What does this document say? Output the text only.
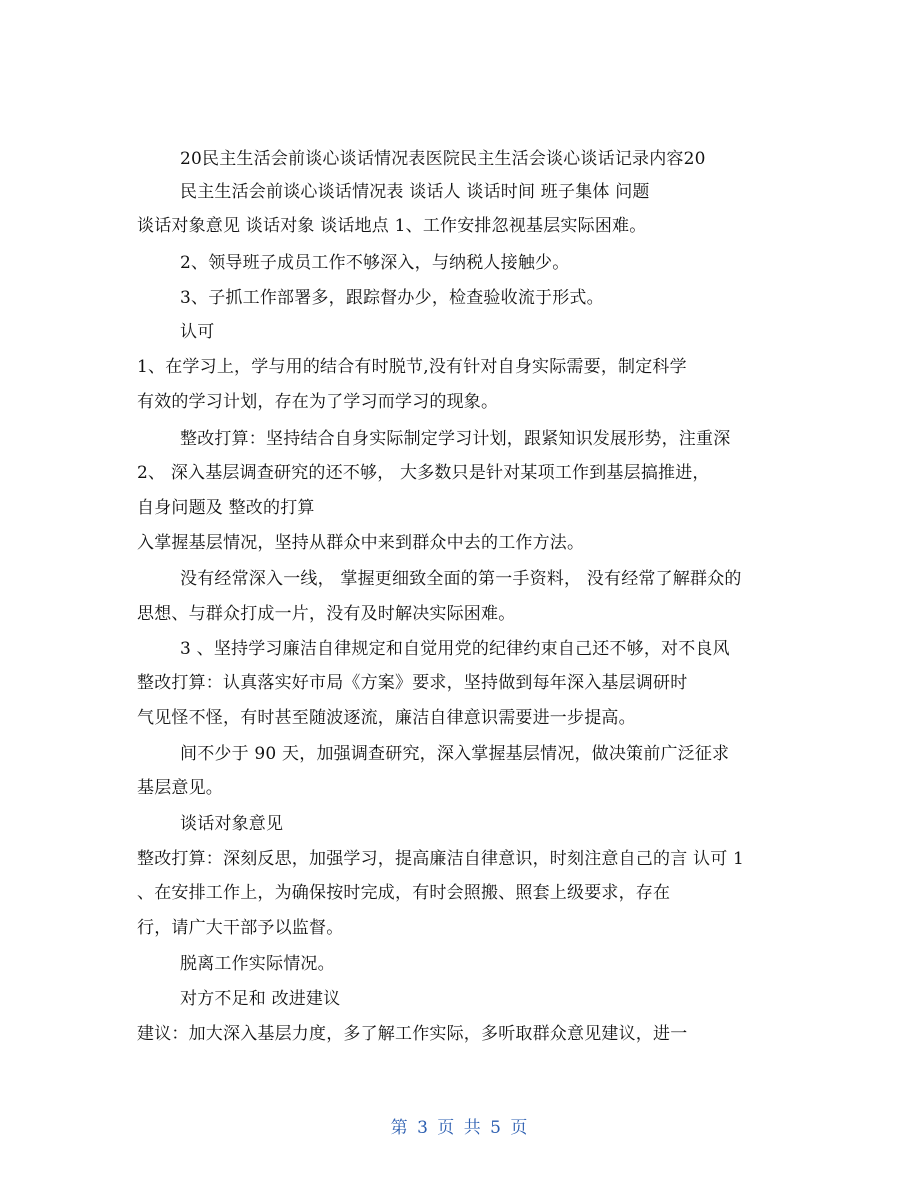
20民主生活会前谈心谈话情况表医院民主生活会谈心谈话记录内容20
民主生活会前谈心谈话情况表 谈话人 谈话时间 班子集体 问题
谈话对象意见 谈话对象 谈话地点 1、工作安排忽视基层实际困难。
2、领导班子成员工作不够深入，与纳税人接触少。
3、子抓工作部署多，跟踪督办少，检查验收流于形式。
认可
1、在学习上，学与用的结合有时脱节,没有针对自身实际需要，制定科学
有效的学习计划，存在为了学习而学习的现象。
整改打算：坚持结合自身实际制定学习计划，跟紧知识发展形势，注重深
2、 深入基层调查研究的还不够， 大多数只是针对某项工作到基层搞推进，
自身问题及 整改的打算
入掌握基层情况，坚持从群众中来到群众中去的工作方法。
没有经常深入一线， 掌握更细致全面的第一手资料， 没有经常了解群众的
思想、与群众打成一片，没有及时解决实际困难。
3 、坚持学习廉洁自律规定和自觉用党的纪律约束自己还不够，对不良风
整改打算：认真落实好市局《方案》要求，坚持做到每年深入基层调研时
气见怪不怪，有时甚至随波逐流，廉洁自律意识需要进一步提高。
间不少于 90 天，加强调查研究，深入掌握基层情况，做决策前广泛征求
基层意见。
谈话对象意见
整改打算：深刻反思，加强学习，提高廉洁自律意识，时刻注意自己的言 认可 1
、在安排工作上，为确保按时完成，有时会照搬、照套上级要求，存在
行，请广大干部予以监督。
脱离工作实际情况。
对方不足和 改进建议
建议：加大深入基层力度，多了解工作实际，多听取群众意见建议，进一
第 3 页 共 5 页
